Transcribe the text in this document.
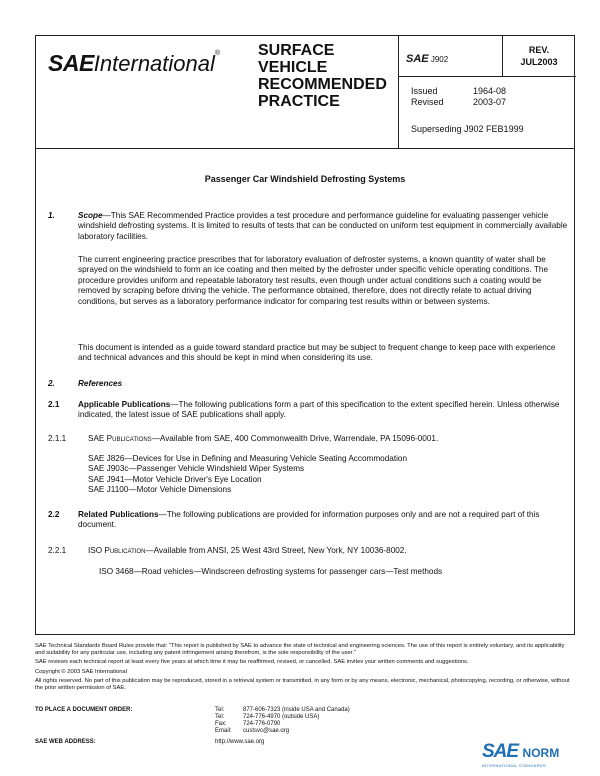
SAEInternational® SURFACE
VEHICLE
RECOMMENDED
PRACTICE
SAE J902
REV.
JUL2003
Issued	1964-08
Revised	2003-07
Superseding J902 FEB1999
Passenger Car Windshield Defrosting Systems
1.	Scope—This SAE Recommended Practice provides a test procedure and performance guideline for evaluating passenger vehicle windshield defrosting systems. It is limited to results of tests that can be conducted on uniform test equipment in commercially available laboratory facilities.

The current engineering practice prescribes that for laboratory evaluation of defroster systems, a known quantity of water shall be sprayed on the windshield to form an ice coating and then melted by the defroster under specific vehicle operating conditions. The procedure provides uniform and repeatable laboratory test results, even though under actual conditions such a coating would be removed by scraping before driving the vehicle. The performance obtained, therefore, does not directly relate to actual driving conditions, but serves as a laboratory performance indicator for comparing test results within or between systems.

This document is intended as a guide toward standard practice but may be subject to frequent change to keep pace with experience and technical advances and this should be kept in mind when considering its use.

2.	References
2.1 Applicable Publications—The following publications form a part of this specification to the extent specified herein. Unless otherwise indicated, the latest issue of SAE publications shall apply.

2.1.1	SAE Publications—Available from SAE, 400 Commonwealth Drive, Warrendale, PA 15096-0001.

SAE J826—Devices for Use in Defining and Measuring Vehicle Seating Accommodation
SAE J903c—Passenger Vehicle Windshield Wiper Systems
SAE J941—Motor Vehicle Driver's Eye Location
SAE J1100—Motor Vehicle Dimensions
2.2 Related Publications—The following publications are provided for information purposes only and are not a required part of this document.

2.2.1	ISO Publication—Available from ANSI, 25 West 43rd Street, New York, NY 10036-8002.

ISO 3468—Road vehicles—Windscreen defrosting systems for passenger cars—Test methods

SAE Technical Standards Board Rules provide that: "This report is published by SAE to advance the state of technical and engineering sciences. The use of this report is entirely voluntary, and its applicability and suitability for any particular use, including any patent infringement arising therefrom, is the sole responsibility of the user."

SAE reviews each technical report at least every five years at which time it may be reaffirmed, revised, or cancelled. SAE invites your written comments and suggestions.

Copyright © 2003 SAE International

All rights reserved. No part of this publication may be reproduced, stored in a retrieval system or transmitted, in any form or by any means, electronic, mechanical, photocopying, recording, or otherwise, without the prior written permission of SAE.

TO PLACE A DOCUMENT ORDER:	Tel:	877-606-7323 (inside USA and Canada)
Tel:	724-776-4970 (outside USA)
Fax:	724-776-0790
Email: custsvc@sae.org
SAE WEB ADDRESS:	http://www.sae.org	SAE NORM
INTERNATIONAL STANDARDS
